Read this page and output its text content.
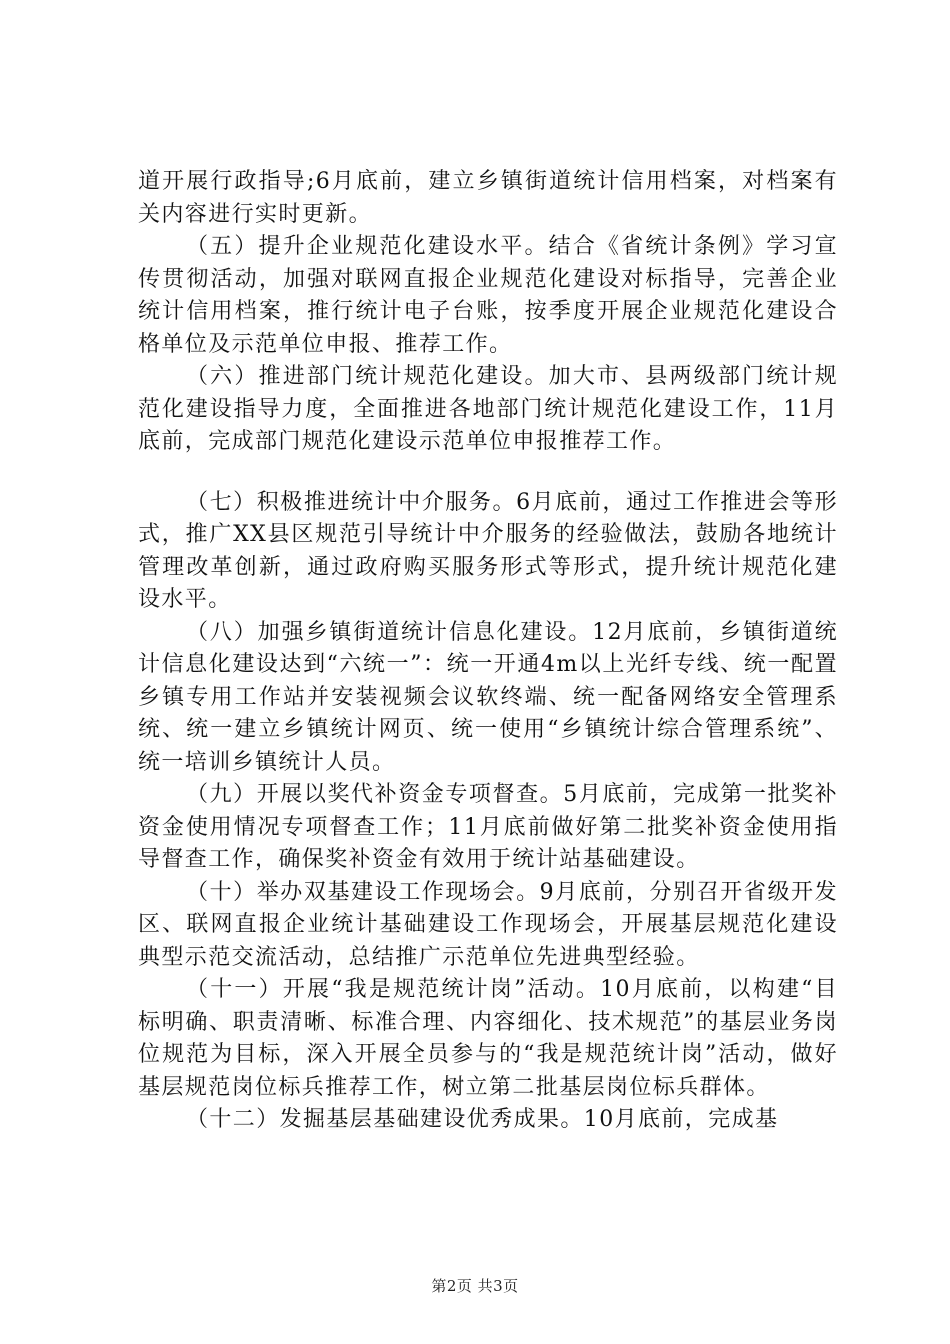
道开展行政指导;6月底前，建立乡镇街道统计信用档案，对档案有关内容进行实时更新。

（五）提升企业规范化建设水平。结合《省统计条例》学习宣传贯彻活动，加强对联网直报企业规范化建设对标指导，完善企业统计信用档案，推行统计电子台账，按季度开展企业规范化建设合格单位及示范单位申报、推荐工作。

（六）推进部门统计规范化建设。加大市、县两级部门统计规范化建设指导力度，全面推进各地部门统计规范化建设工作，11月底前，完成部门规范化建设示范单位申报推荐工作。

（七）积极推进统计中介服务。6月底前，通过工作推进会等形式，推广XX县区规范引导统计中介服务的经验做法，鼓励各地统计管理改革创新，通过政府购买服务形式等形式，提升统计规范化建设水平。

（八）加强乡镇街道统计信息化建设。12月底前，乡镇街道统计信息化建设达到“六统一”：统一开通4m以上光纤专线、统一配置乡镇专用工作站并安装视频会议软终端、统一配备网络安全管理系统、统一建立乡镇统计网页、统一使用“乡镇统计综合管理系统”、统一培训乡镇统计人员。

（九）开展以奖代补资金专项督查。5月底前，完成第一批奖补资金使用情况专项督查工作；11月底前做好第二批奖补资金使用指导督查工作，确保奖补资金有效用于统计站基础建设。

（十）举办双基建设工作现场会。9月底前，分别召开省级开发区、联网直报企业统计基础建设工作现场会，开展基层规范化建设典型示范交流活动，总结推广示范单位先进典型经验。

（十一）开展“我是规范统计岗”活动。10月底前，以构建“目标明确、职责清晰、标准合理、内容细化、技术规范”的基层业务岗位规范为目标，深入开展全员参与的“我是规范统计岗”活动，做好基层规范岗位标兵推荐工作，树立第二批基层岗位标兵群体。

（十二）发掘基层基础建设优秀成果。10月底前，完成基

第2页 共3页
